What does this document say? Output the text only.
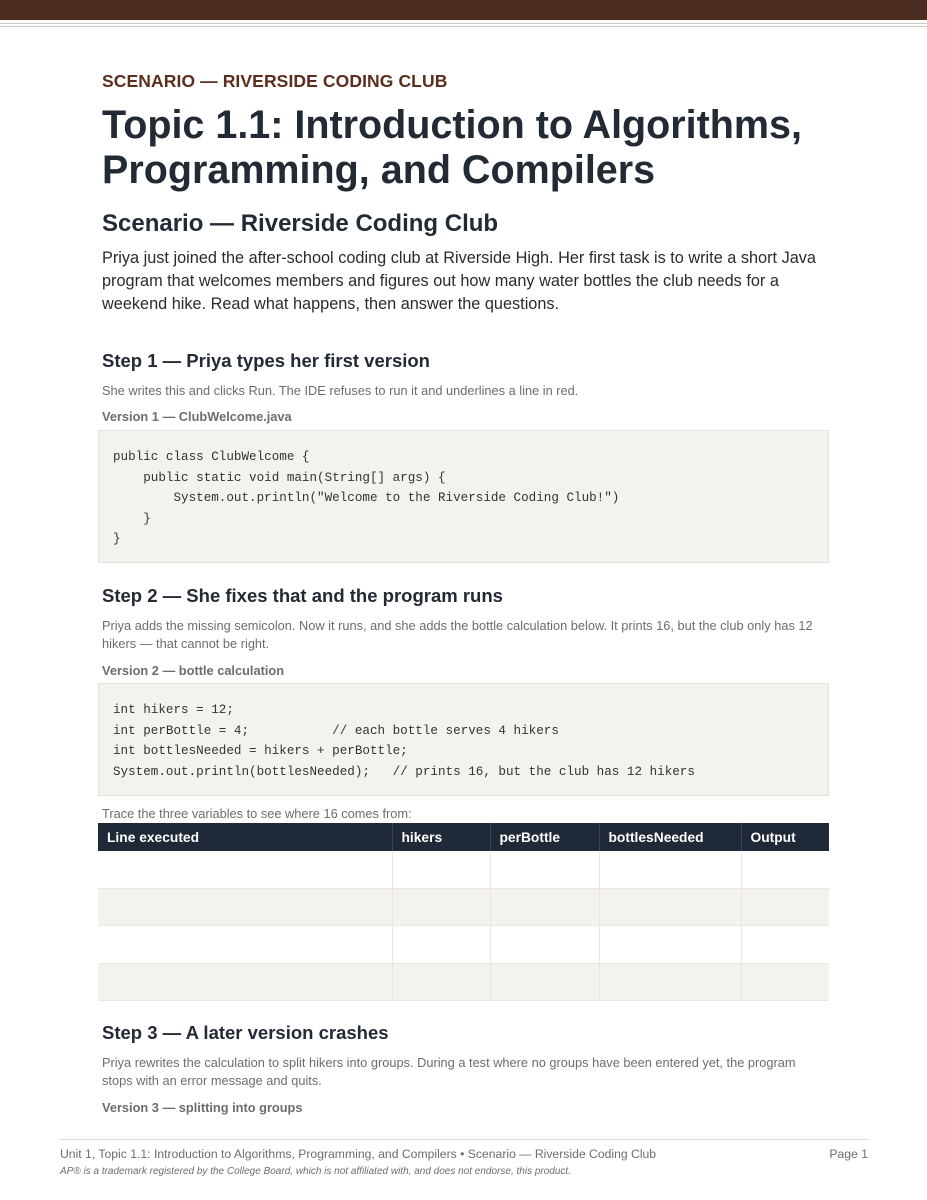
SCENARIO — RIVERSIDE CODING CLUB
Topic 1.1: Introduction to Algorithms, Programming, and Compilers
Scenario — Riverside Coding Club
Priya just joined the after-school coding club at Riverside High. Her first task is to write a short Java program that welcomes members and figures out how many water bottles the club needs for a weekend hike. Read what happens, then answer the questions.
Step 1 — Priya types her first version
She writes this and clicks Run. The IDE refuses to run it and underlines a line in red.
Version 1 — ClubWelcome.java
public class ClubWelcome {
public static void main(String[] args) {
System.out.println("Welcome to the Riverside Coding Club!")
}
}
Step 2 — She fixes that and the program runs
Priya adds the missing semicolon. Now it runs, and she adds the bottle calculation below. It prints 16, but the club only has 12 hikers — that cannot be right.
Version 2 — bottle calculation
int hikers = 12;
int perBottle = 4;           // each bottle serves 4 hikers
int bottlesNeeded = hikers + perBottle;
System.out.println(bottlesNeeded);   // prints 16, but the club has 12 hikers
Trace the three variables to see where 16 comes from:
Line executed	hikers	perBottle	bottlesNeeded	Output

Step 3 — A later version crashes
Priya rewrites the calculation to split hikers into groups. During a test where no groups have been entered yet, the program stops with an error message and quits.
Version 3 — splitting into groups
Unit 1, Topic 1.1: Introduction to Algorithms, Programming, and Compilers • Scenario — Riverside Coding Club	Page 1
AP® is a trademark registered by the College Board, which is not affiliated with, and does not endorse, this product.
